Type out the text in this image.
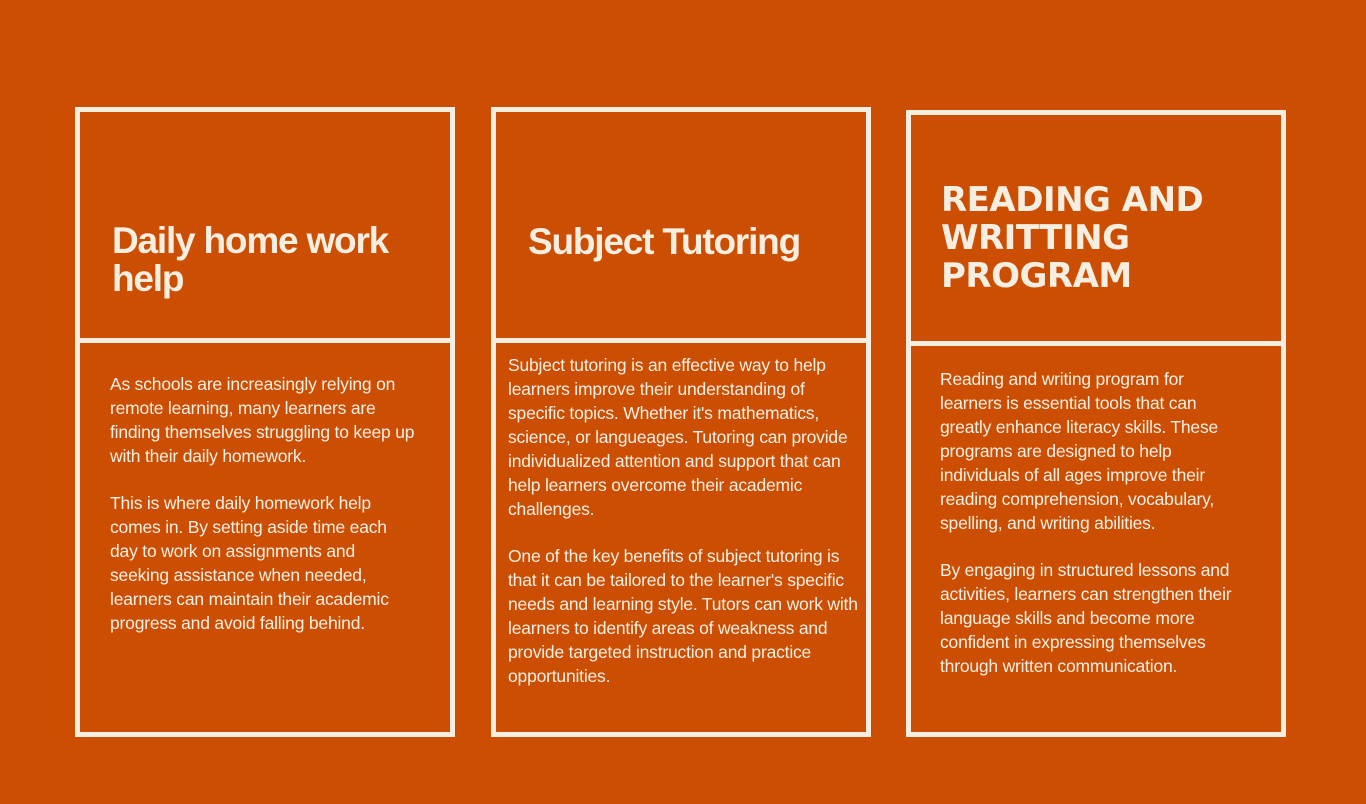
Daily home work help

As schools are increasingly relying on remote learning, many learners are finding themselves struggling to keep up with their daily homework.

This is where daily homework help comes in. By setting aside time each day to work on assignments and seeking assistance when needed, learners can maintain their academic progress and avoid falling behind.

Subject Tutoring

Subject tutoring is an effective way to help learners improve their understanding of specific topics. Whether it's mathematics, science, or langueages. Tutoring can provide individualized attention and support that can help learners overcome their academic challenges.

One of the key benefits of subject tutoring is that it can be tailored to the learner's specific needs and learning style. Tutors can work with learners to identify areas of weakness and provide targeted instruction and practice opportunities.

READING AND WRITTING PROGRAM

Reading and writing program for learners is essential tools that can greatly enhance literacy skills. These programs are designed to help individuals of all ages improve their reading comprehension, vocabulary, spelling, and writing abilities.

By engaging in structured lessons and activities, learners can strengthen their language skills and become more confident in expressing themselves through written communication.
